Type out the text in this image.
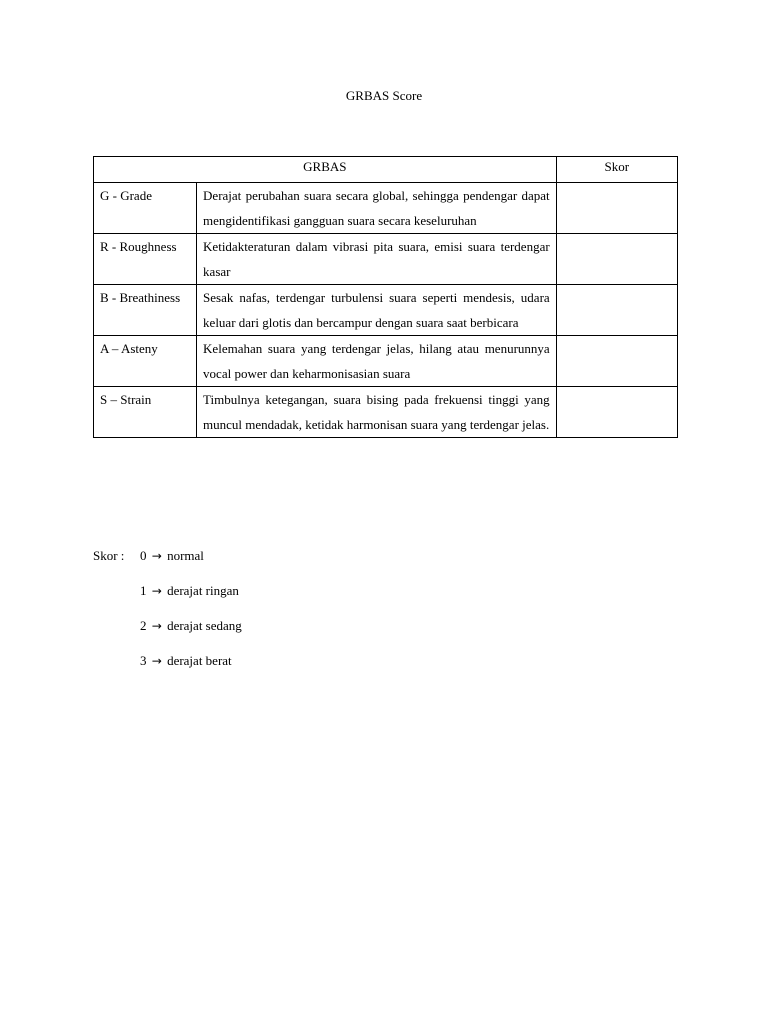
GRBAS Score
GRBAS		Skor
G - Grade	Derajat perubahan suara secara global, sehingga pendengar dapat mengidentifikasi gangguan suara secara keseluruhan	
R - Roughness	Ketidakteraturan dalam vibrasi pita suara, emisi suara terdengar kasar	
B - Breathiness	Sesak nafas, terdengar turbulensi suara seperti mendesis, udara keluar dari glotis dan bercampur dengan suara saat berbicara	
A – Asteny	Kelemahan suara yang terdengar jelas, hilang atau menurunnya vocal power dan keharmonisasian suara	
S – Strain	Timbulnya ketegangan, suara bising pada frekuensi tinggi yang muncul mendadak, ketidak harmonisan suara yang terdengar jelas.	
Skor : 0 → normal
1 → derajat ringan
2 → derajat sedang
3 → derajat berat
